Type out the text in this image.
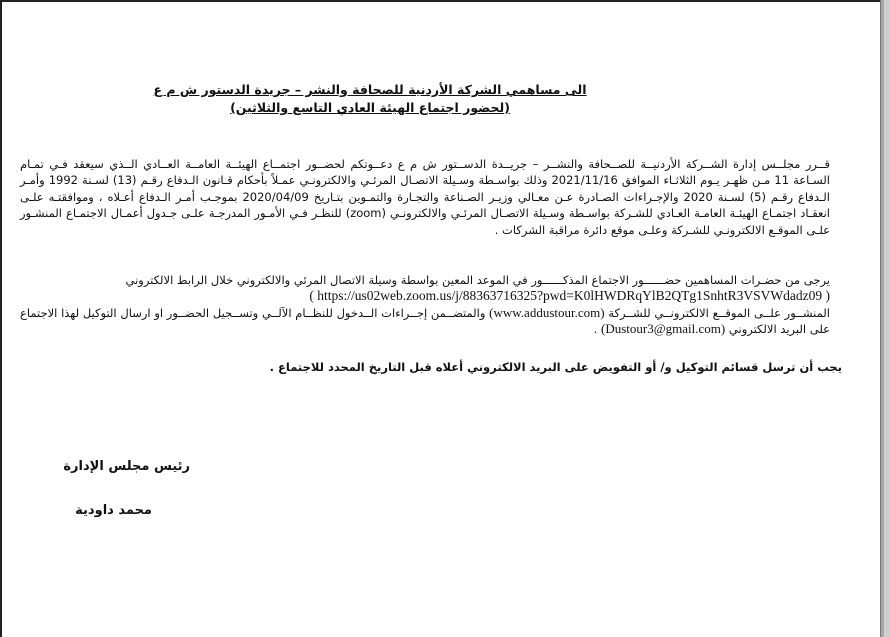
الى مساهمي الشركة الأردنية للصحافة والنشر – جريدة الدستور ش م ع
(لحضور اجتماع الهيئة العادي التاسع والثلاثين)
قــرر مجلــس إدارة الشــركة الأردنيــة للصــحافة والنشــر – جريــدة الدســتور ش م ع دعــوتكم لحضــور اجتمــاع الهيئــة العامــة العــادي الــذي سيعقد فـي تمـام السـاعة 11 مـن ظهـر يـوم الثلاثـاء الموافق 2021/11/16 وذلك بواسـطة وسـيلة الاتصـال المرئـي والالكترونـي عمـلاً بأحكام قـانون الـدفاع رقـم (13) لسـنة 1992 وأمـر الـدفاع رقـم (5) لسـنة 2020 والإجـراءات الصـادرة عـن معـالي وزيـر الصـناعة والتجـارة والتمـوين بتـاريخ 2020/04/09 بموجـب أمـر الـدفاع أعـلاه ، وموافقتـه علـى انعقـاد اجتمـاع الهيئـة العامـة العـادي للشـركة بواسـطة وسـيلة الاتصـال المرئـي والالكترونـي (zoom) للنظـر فـي الأمـور المدرجـة علـى جـدول أعمـال الاجتمـاع المنشـور علـى الموقـع الالكترونـي للشـركة وعلـى موقع دائرة مراقبة الشركات .
يرجى من حضـرات المساهمين حضــــــور الاجتماع المذكــــــور في الموعد المعين بواسطة وسيلة الاتصال المرئي والالكتروني خلال الرابط الالكتروني
( https://us02web.zoom.us/j/88363716325?pwd=K0lHWDRqYlB2QTg1SnhtR3VSVWdadz09 )
المنشــور علــى الموقــع الالكترونــي للشــركة (www.addustour.com) والمتضــمن إجــراءات الــدخول للنظــام الآلــي وتســجيل الحضــور او ارسال التوكيل لهذا الاجتماع على البريد الالكتروني (Dustour3@gmail.com) .
يجب أن ترسل قسائم التوكيل و/ أو التفويض على البريد الالكتروني أعلاه قبل التاريخ المحدد للاجتماع .
رئيس مجلس الإدارة
محمد داودية
